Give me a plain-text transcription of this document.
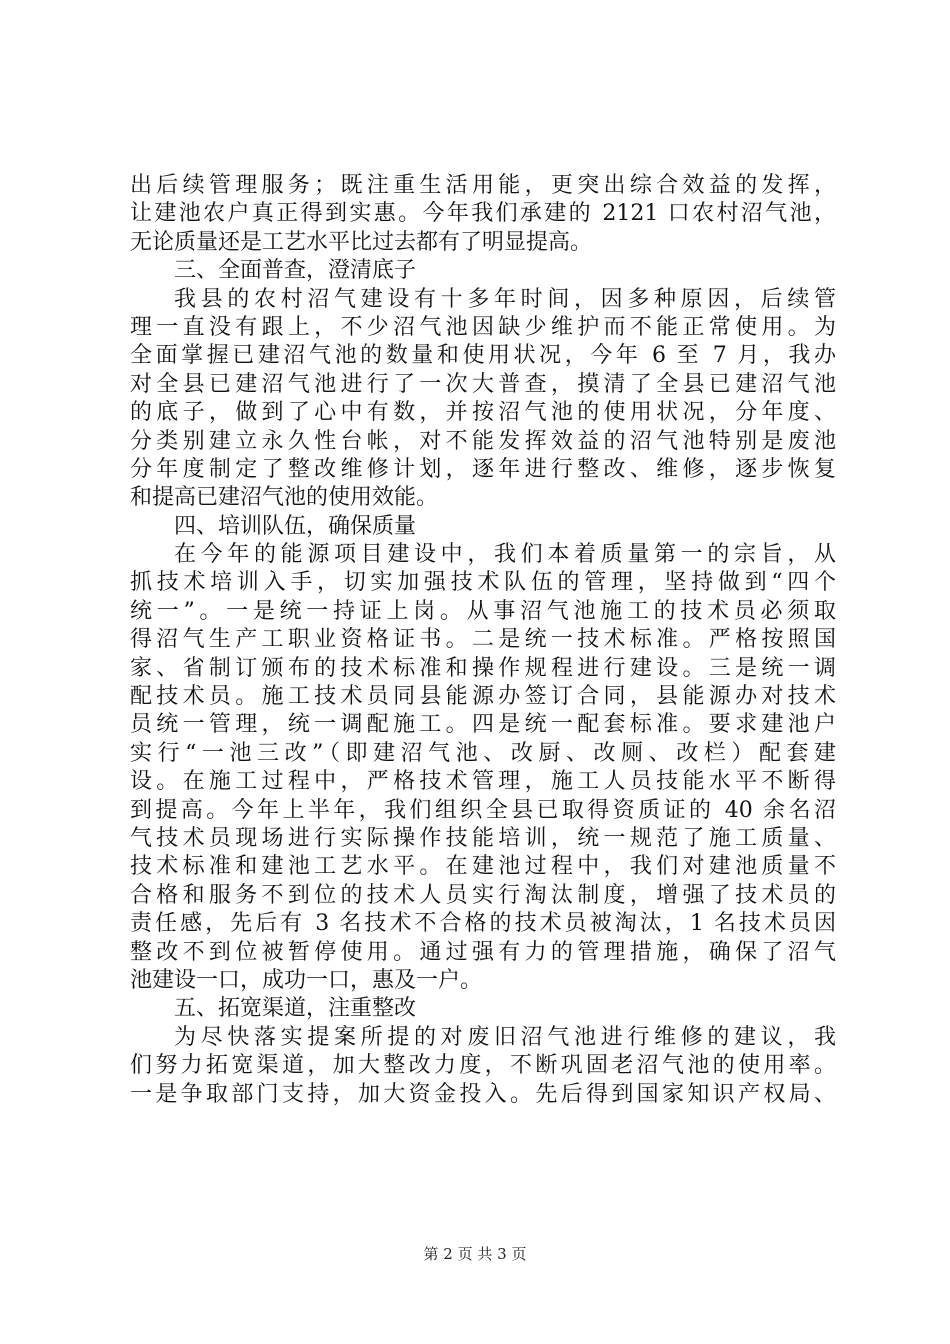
出后续管理服务；既注重生活用能，更突出综合效益的发挥，
让建池农户真正得到实惠。今年我们承建的 2121 口农村沼气池，
无论质量还是工艺水平比过去都有了明显提高。
三、全面普查，澄清底子
我县的农村沼气建设有十多年时间，因多种原因，后续管
理一直没有跟上，不少沼气池因缺少维护而不能正常使用。为
全面掌握已建沼气池的数量和使用状况，今年 6 至 7 月，我办
对全县已建沼气池进行了一次大普查，摸清了全县已建沼气池
的底子，做到了心中有数，并按沼气池的使用状况，分年度、
分类别建立永久性台帐，对不能发挥效益的沼气池特别是废池
分年度制定了整改维修计划，逐年进行整改、维修，逐步恢复
和提高已建沼气池的使用效能。
四、培训队伍，确保质量
在今年的能源项目建设中，我们本着质量第一的宗旨，从
抓技术培训入手，切实加强技术队伍的管理，坚持做到“四个
统一”。一是统一持证上岗。从事沼气池施工的技术员必须取
得沼气生产工职业资格证书。二是统一技术标准。严格按照国
家、省制订颁布的技术标准和操作规程进行建设。三是统一调
配技术员。施工技术员同县能源办签订合同，县能源办对技术
员统一管理，统一调配施工。四是统一配套标准。要求建池户
实行“一池三改”（即建沼气池、改厨、改厕、改栏）配套建
设。在施工过程中，严格技术管理，施工人员技能水平不断得
到提高。今年上半年，我们组织全县已取得资质证的 40 余名沼
气技术员现场进行实际操作技能培训，统一规范了施工质量、
技术标准和建池工艺水平。在建池过程中，我们对建池质量不
合格和服务不到位的技术人员实行淘汰制度，增强了技术员的
责任感，先后有 3 名技术不合格的技术员被淘汰，1 名技术员因
整改不到位被暂停使用。通过强有力的管理措施，确保了沼气
池建设一口，成功一口，惠及一户。
五、拓宽渠道，注重整改
为尽快落实提案所提的对废旧沼气池进行维修的建议，我
们努力拓宽渠道，加大整改力度，不断巩固老沼气池的使用率。
一是争取部门支持，加大资金投入。先后得到国家知识产权局、
第 2 页 共 3 页
